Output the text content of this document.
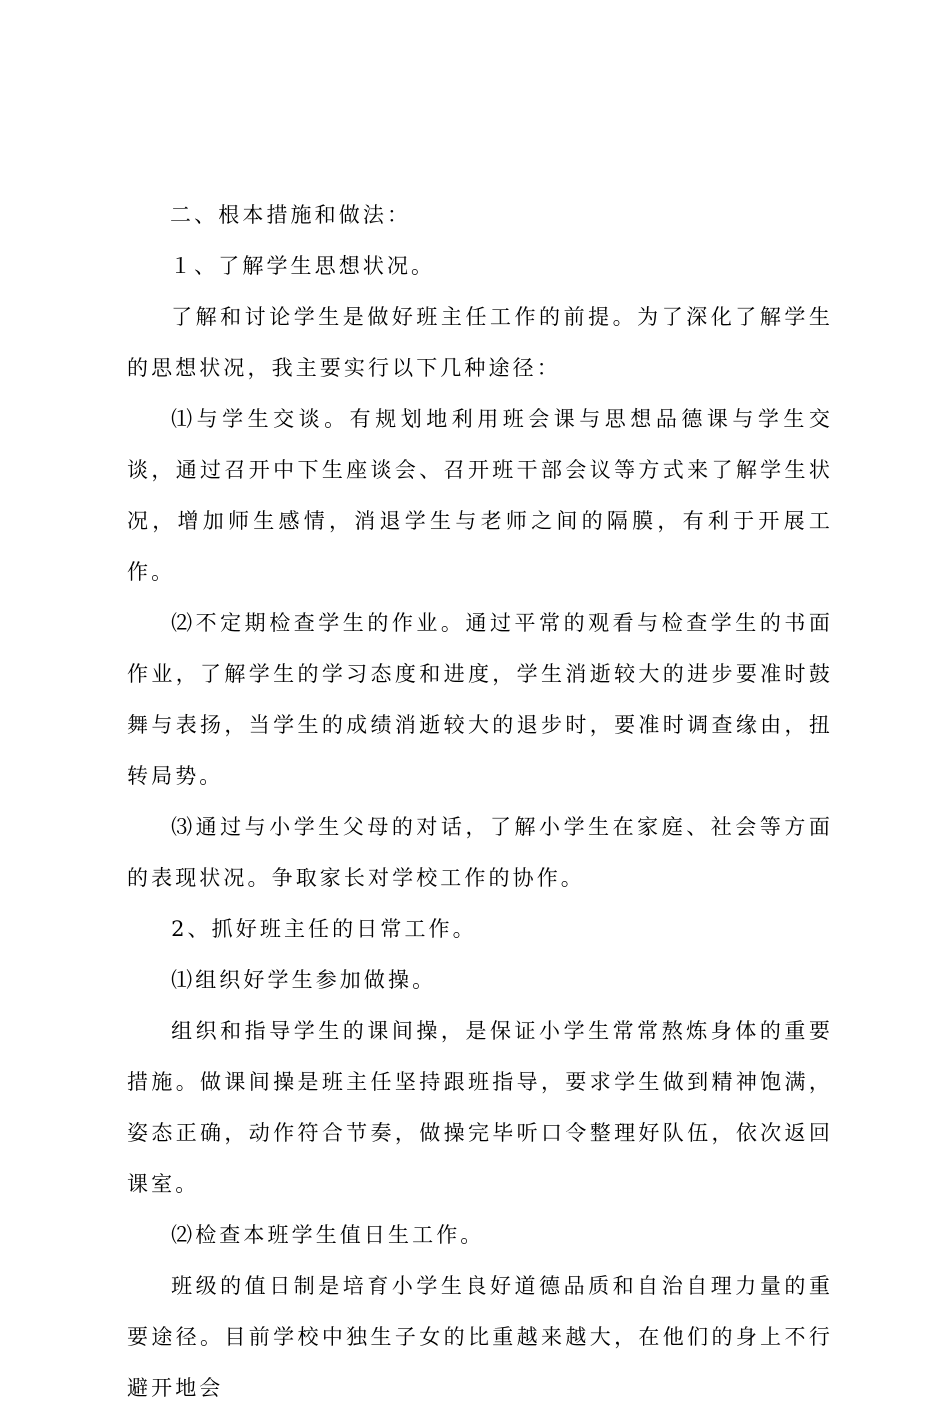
二、根本措施和做法：

１、了解学生思想状况。

了解和讨论学生是做好班主任工作的前提。为了深化了解学生的思想状况，我主要实行以下几种途径：

⑴与学生交谈。有规划地利用班会课与思想品德课与学生交谈，通过召开中下生座谈会、召开班干部会议等方式来了解学生状况，增加师生感情，消退学生与老师之间的隔膜，有利于开展工作。

⑵不定期检查学生的作业。通过平常的观看与检查学生的书面作业，了解学生的学习态度和进度，学生消逝较大的进步要准时鼓舞与表扬，当学生的成绩消逝较大的退步时，要准时调查缘由，扭转局势。

⑶通过与小学生父母的对话，了解小学生在家庭、社会等方面的表现状况。争取家长对学校工作的协作。

2、抓好班主任的日常工作。

⑴组织好学生参加做操。

组织和指导学生的课间操，是保证小学生常常熬炼身体的重要措施。做课间操是班主任坚持跟班指导，要求学生做到精神饱满，姿态正确，动作符合节奏，做操完毕听口令整理好队伍，依次返回课室。

⑵检查本班学生值日生工作。

班级的值日制是培育小学生良好道德品质和自治自理力量的重要途径。目前学校中独生子女的比重越来越大，在他们的身上不行避开地会
